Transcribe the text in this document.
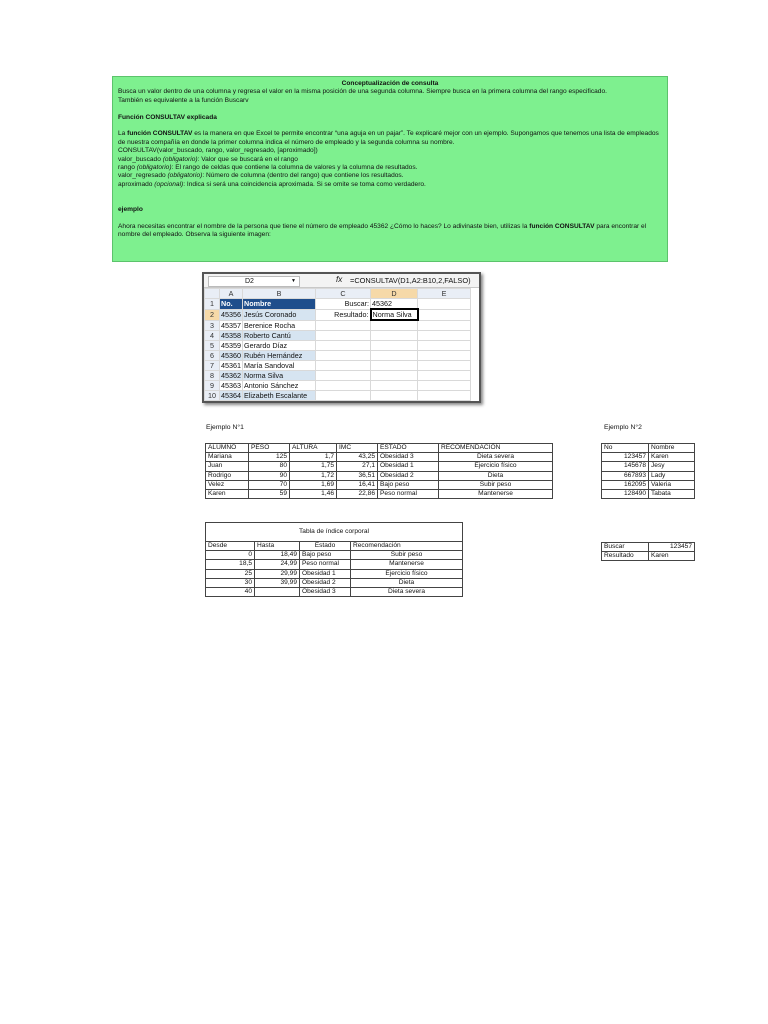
Conceptualización de consulta

Busca un valor dentro de una columna y regresa el valor en la misma posición de una segunda columna. Siempre busca en la primera columna del rango especificado.

También es equivalente a la función Buscarv

Función CONSULTAV explicada

La función CONSULTAV es la manera en que Excel te permite encontrar “una aguja en un pajar”. Te explicaré mejor con un ejemplo. Supongamos que tenemos una lista de empleados de nuestra compañía en donde la primer columna indica el número de empleado y la segunda columna su nombre.

CONSULTAV(valor_buscado, rango, valor_regresado, [aproximado])

valor_buscado (obligatorio): Valor que se buscará en el rango

rango (obligatorio): El rango de celdas que contiene la columna de valores y la columna de resultados.

valor_regresado (obligatorio): Número de columna (dentro del rango) que contiene los resultados.

aproximado (opcional): Indica si será una coincidencia aproximada. Si se omite se toma como verdadero.

ejemplo

Ahora necesitas encontrar el nombre de la persona que tiene el número de empleado 45362 ¿Cómo lo haces? Lo adivinaste bien, utilizas la función CONSULTAV para encontrar el nombre del empleado. Observa la siguiente imagen:

D2	▼	fx =CONSULTAV(D1,A2:B10,2,FALSO)
	A	B	C	D	E
1	No.	Nombre	Buscar:	45362	
2	45356	Jesús Coronado	Resultado:	Norma Silva	
3	45357	Berenice Rocha			
4	45358	Roberto Cantú			
5	45359	Gerardo Díaz			
6	45360	Rubén Hernández			
7	45361	María Sandoval			
8	45362	Norma Silva			
9	45363	Antonio Sánchez			
10	45364	Elizabeth Escalante			
Ejemplo N°1
ALUMNO	PESO	ALTURA	IMC	ESTADO	RECOMENDACIÓN
Mariana	125	1,7	43,25	Obesidad 3	Dieta severa
Juan	80	1,75	27,1	Obesidad 1	Ejercicio físico
Rodrigo	90	1,72	36,51	Obesidad 2	Dieta
Velez	70	1,69	16,41	Bajo peso	Subir peso
Karen	59	1,46	22,86	Peso normal	Mantenerse
Ejemplo N°2
No	Nombre
123457	Karen
145678	Jesy
667893	Lady
162095	Valeria
128490	Tabata
Buscar	123457
Resultado	Karen
Tabla de índice corporal			
Desde	Hasta	Estado	Recomendación
0	18,49	Bajo peso	Subir peso
18,5	24,99	Peso normal	Mantenerse
25	29,99	Obesidad 1	Ejercicio físico
30	39,99	Obesidad 2	Dieta
40		Obesidad 3	Dieta severa
